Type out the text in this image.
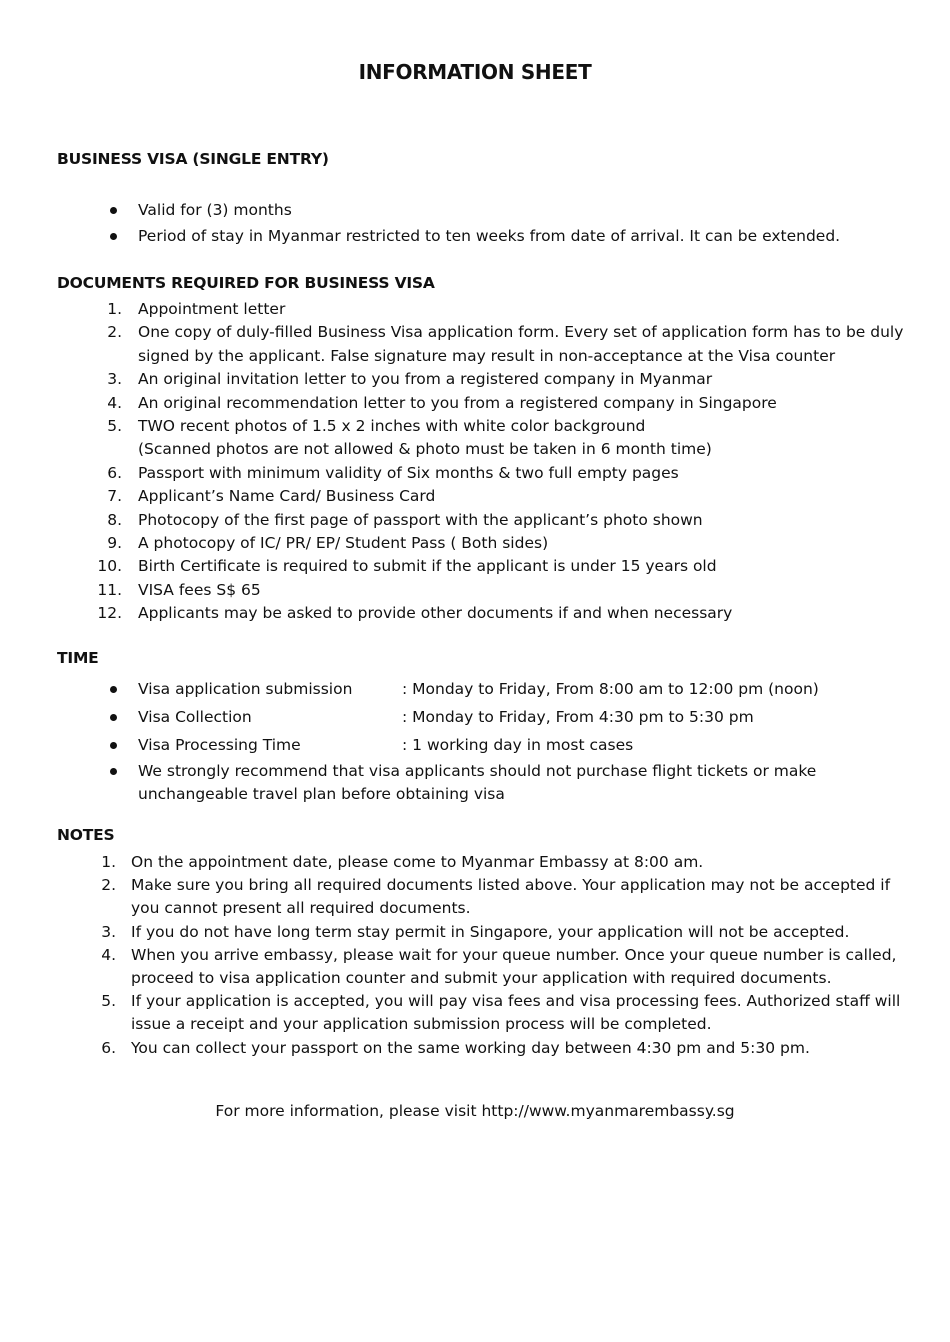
INFORMATION SHEET
BUSINESS VISA (SINGLE ENTRY)
Valid for (3) months
Period of stay in Myanmar restricted to ten weeks from date of arrival. It can be extended.
DOCUMENTS REQUIRED FOR BUSINESS VISA
1. Appointment letter
2. One copy of duly-filled Business Visa application form. Every set of application form has to be duly
signed by the applicant. False signature may result in non-acceptance at the Visa counter
3. An original invitation letter to you from a registered company in Myanmar
4. An original recommendation letter to you from a registered company in Singapore
5. TWO recent photos of 1.5 x 2 inches with white color background
(Scanned photos are not allowed & photo must be taken in 6 month time)
6. Passport with minimum validity of Six months & two full empty pages
7. Applicant’s Name Card/ Business Card
8. Photocopy of the first page of passport with the applicant’s photo shown
9. A photocopy of IC/ PR/ EP/ Student Pass ( Both sides)
10. Birth Certificate is required to submit if the applicant is under 15 years old
11. VISA fees S$ 65
12. Applicants may be asked to provide other documents if and when necessary
TIME
Visa application submission	: Monday to Friday, From 8:00 am to 12:00 pm (noon)
Visa Collection	: Monday to Friday, From 4:30 pm to 5:30 pm
Visa Processing Time	: 1 working day in most cases
We strongly recommend that visa applicants should not purchase flight tickets or make
unchangeable travel plan before obtaining visa
NOTES
1. On the appointment date, please come to Myanmar Embassy at 8:00 am.
2. Make sure you bring all required documents listed above. Your application may not be accepted if
you cannot present all required documents.
3. If you do not have long term stay permit in Singapore, your application will not be accepted.
4. When you arrive embassy, please wait for your queue number. Once your queue number is called,
proceed to visa application counter and submit your application with required documents.
5. If your application is accepted, you will pay visa fees and visa processing fees. Authorized staff will
issue a receipt and your application submission process will be completed.
6. You can collect your passport on the same working day between 4:30 pm and 5:30 pm.
For more information, please visit http://www.myanmarembassy.sg
